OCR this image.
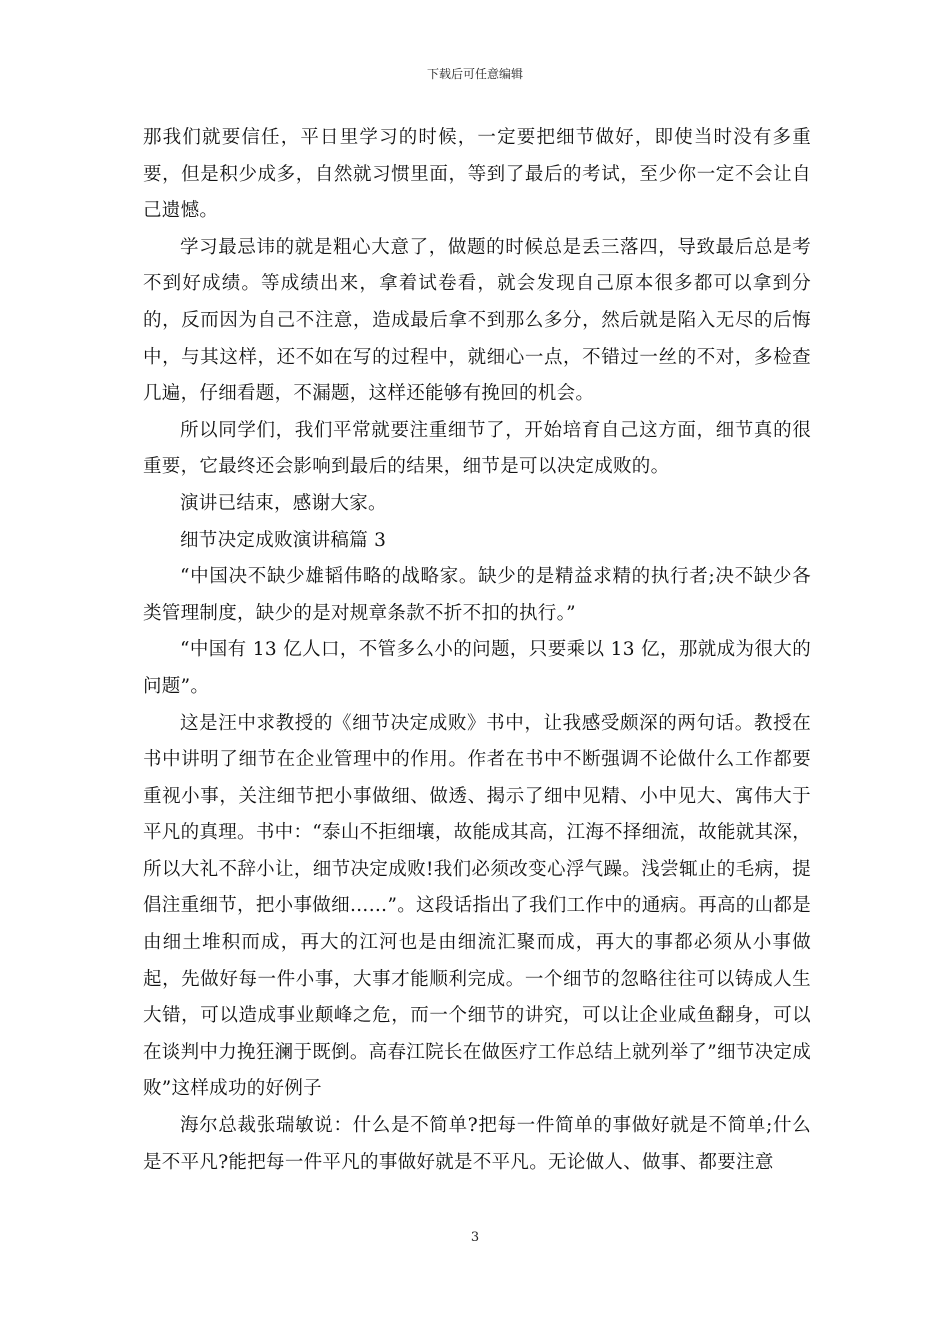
下载后可任意编辑

那我们就要信任，平日里学习的时候，一定要把细节做好，即使当时没有多重要，但是积少成多，自然就习惯里面，等到了最后的考试，至少你一定不会让自己遗憾。

学习最忌讳的就是粗心大意了，做题的时候总是丢三落四，导致最后总是考不到好成绩。等成绩出来，拿着试卷看，就会发现自己原本很多都可以拿到分的，反而因为自己不注意，造成最后拿不到那么多分，然后就是陷入无尽的后悔中，与其这样，还不如在写的过程中，就细心一点，不错过一丝的不对，多检查几遍，仔细看题，不漏题，这样还能够有挽回的机会。

所以同学们，我们平常就要注重细节了，开始培育自己这方面，细节真的很重要，它最终还会影响到最后的结果，细节是可以决定成败的。

演讲已结束，感谢大家。

细节决定成败演讲稿篇 3

“中国决不缺少雄韬伟略的战略家。缺少的是精益求精的执行者;决不缺少各类管理制度，缺少的是对规章条款不折不扣的执行。”

“中国有 13 亿人口，不管多么小的问题，只要乘以 13 亿，那就成为很大的问题”。

这是汪中求教授的《细节决定成败》书中，让我感受颇深的两句话。教授在书中讲明了细节在企业管理中的作用。作者在书中不断强调不论做什么工作都要重视小事，关注细节把小事做细、做透、揭示了细中见精、小中见大、寓伟大于平凡的真理。书中：“泰山不拒细壤，故能成其高，江海不择细流，故能就其深，所以大礼不辞小让，细节决定成败!我们必须改变心浮气躁。浅尝辄止的毛病，提倡注重细节，把小事做细……”。这段话指出了我们工作中的通病。再高的山都是由细土堆积而成，再大的江河也是由细流汇聚而成，再大的事都必须从小事做起，先做好每一件小事，大事才能顺利完成。一个细节的忽略往往可以铸成人生大错，可以造成事业颠峰之危，而一个细节的讲究，可以让企业咸鱼翻身，可以在谈判中力挽狂澜于既倒。高春江院长在做医疗工作总结上就列举了”细节决定成败”这样成功的好例子

海尔总裁张瑞敏说：什么是不简单?把每一件简单的事做好就是不简单;什么是不平凡?能把每一件平凡的事做好就是不平凡。无论做人、做事、都要注意

3
